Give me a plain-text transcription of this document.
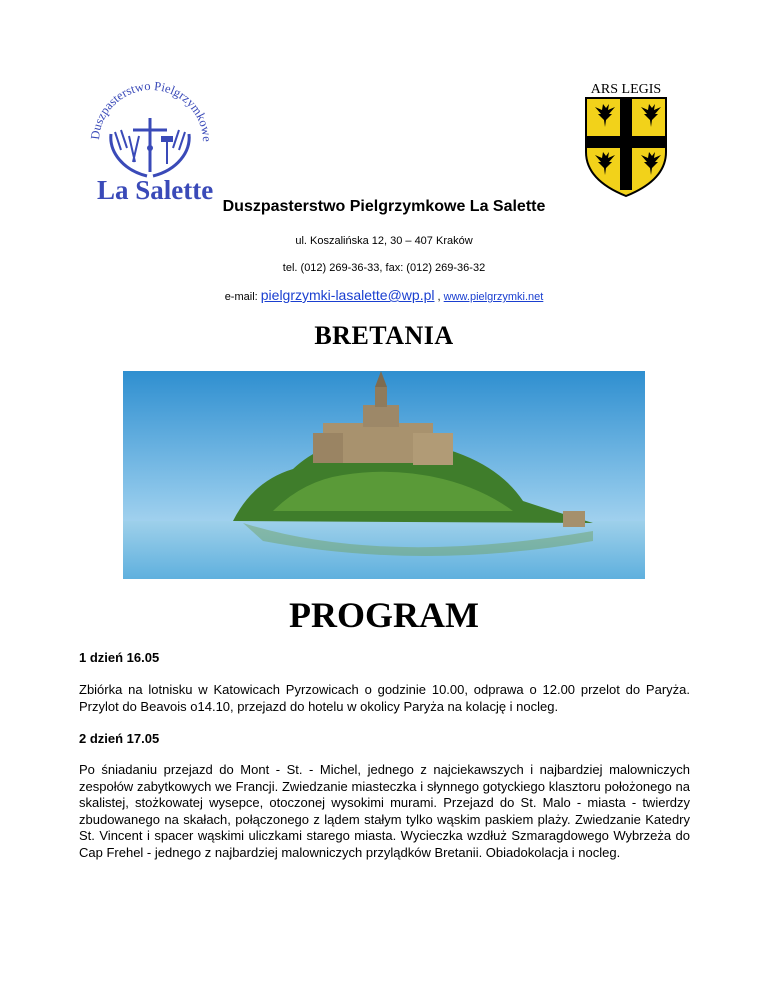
Duszpasterstwo Pielgrzymkowe
La Salette
ARS LEGIS
Duszpasterstwo Pielgrzymkowe La Salette
ul. Koszalińska 12, 30 – 407 Kraków
tel. (012) 269-36-33, fax: (012) 269-36-32
e-mail: pielgrzymki-lasalette@wp.pl , www.pielgrzymki.net
BRETANIA
PROGRAM
1 dzień 16.05

Zbiórka na lotnisku w Katowicach Pyrzowicach o godzinie 10.00, odprawa o 12.00 przelot do Paryża. Przylot do Beavois o14.10, przejazd do hotelu w okolicy Paryża na kolację i nocleg.

2 dzień 17.05

Po śniadaniu przejazd do Mont - St. - Michel, jednego z najciekawszych i najbardziej malowniczych zespołów zabytkowych we Francji. Zwiedzanie miasteczka i słynnego gotyckiego klasztoru położonego na skalistej, stożkowatej wysepce, otoczonej wysokimi murami. Przejazd do St. Malo - miasta - twierdzy zbudowanego na skałach, połączonego z lądem stałym tylko wąskim paskiem plaży. Zwiedzanie Katedry St. Vincent i spacer wąskimi uliczkami starego miasta. Wycieczka wzdłuż Szmaragdowego Wybrzeża do Cap Frehel - jednego z najbardziej malowniczych przylądków Bretanii. Obiadokolacja i nocleg.
